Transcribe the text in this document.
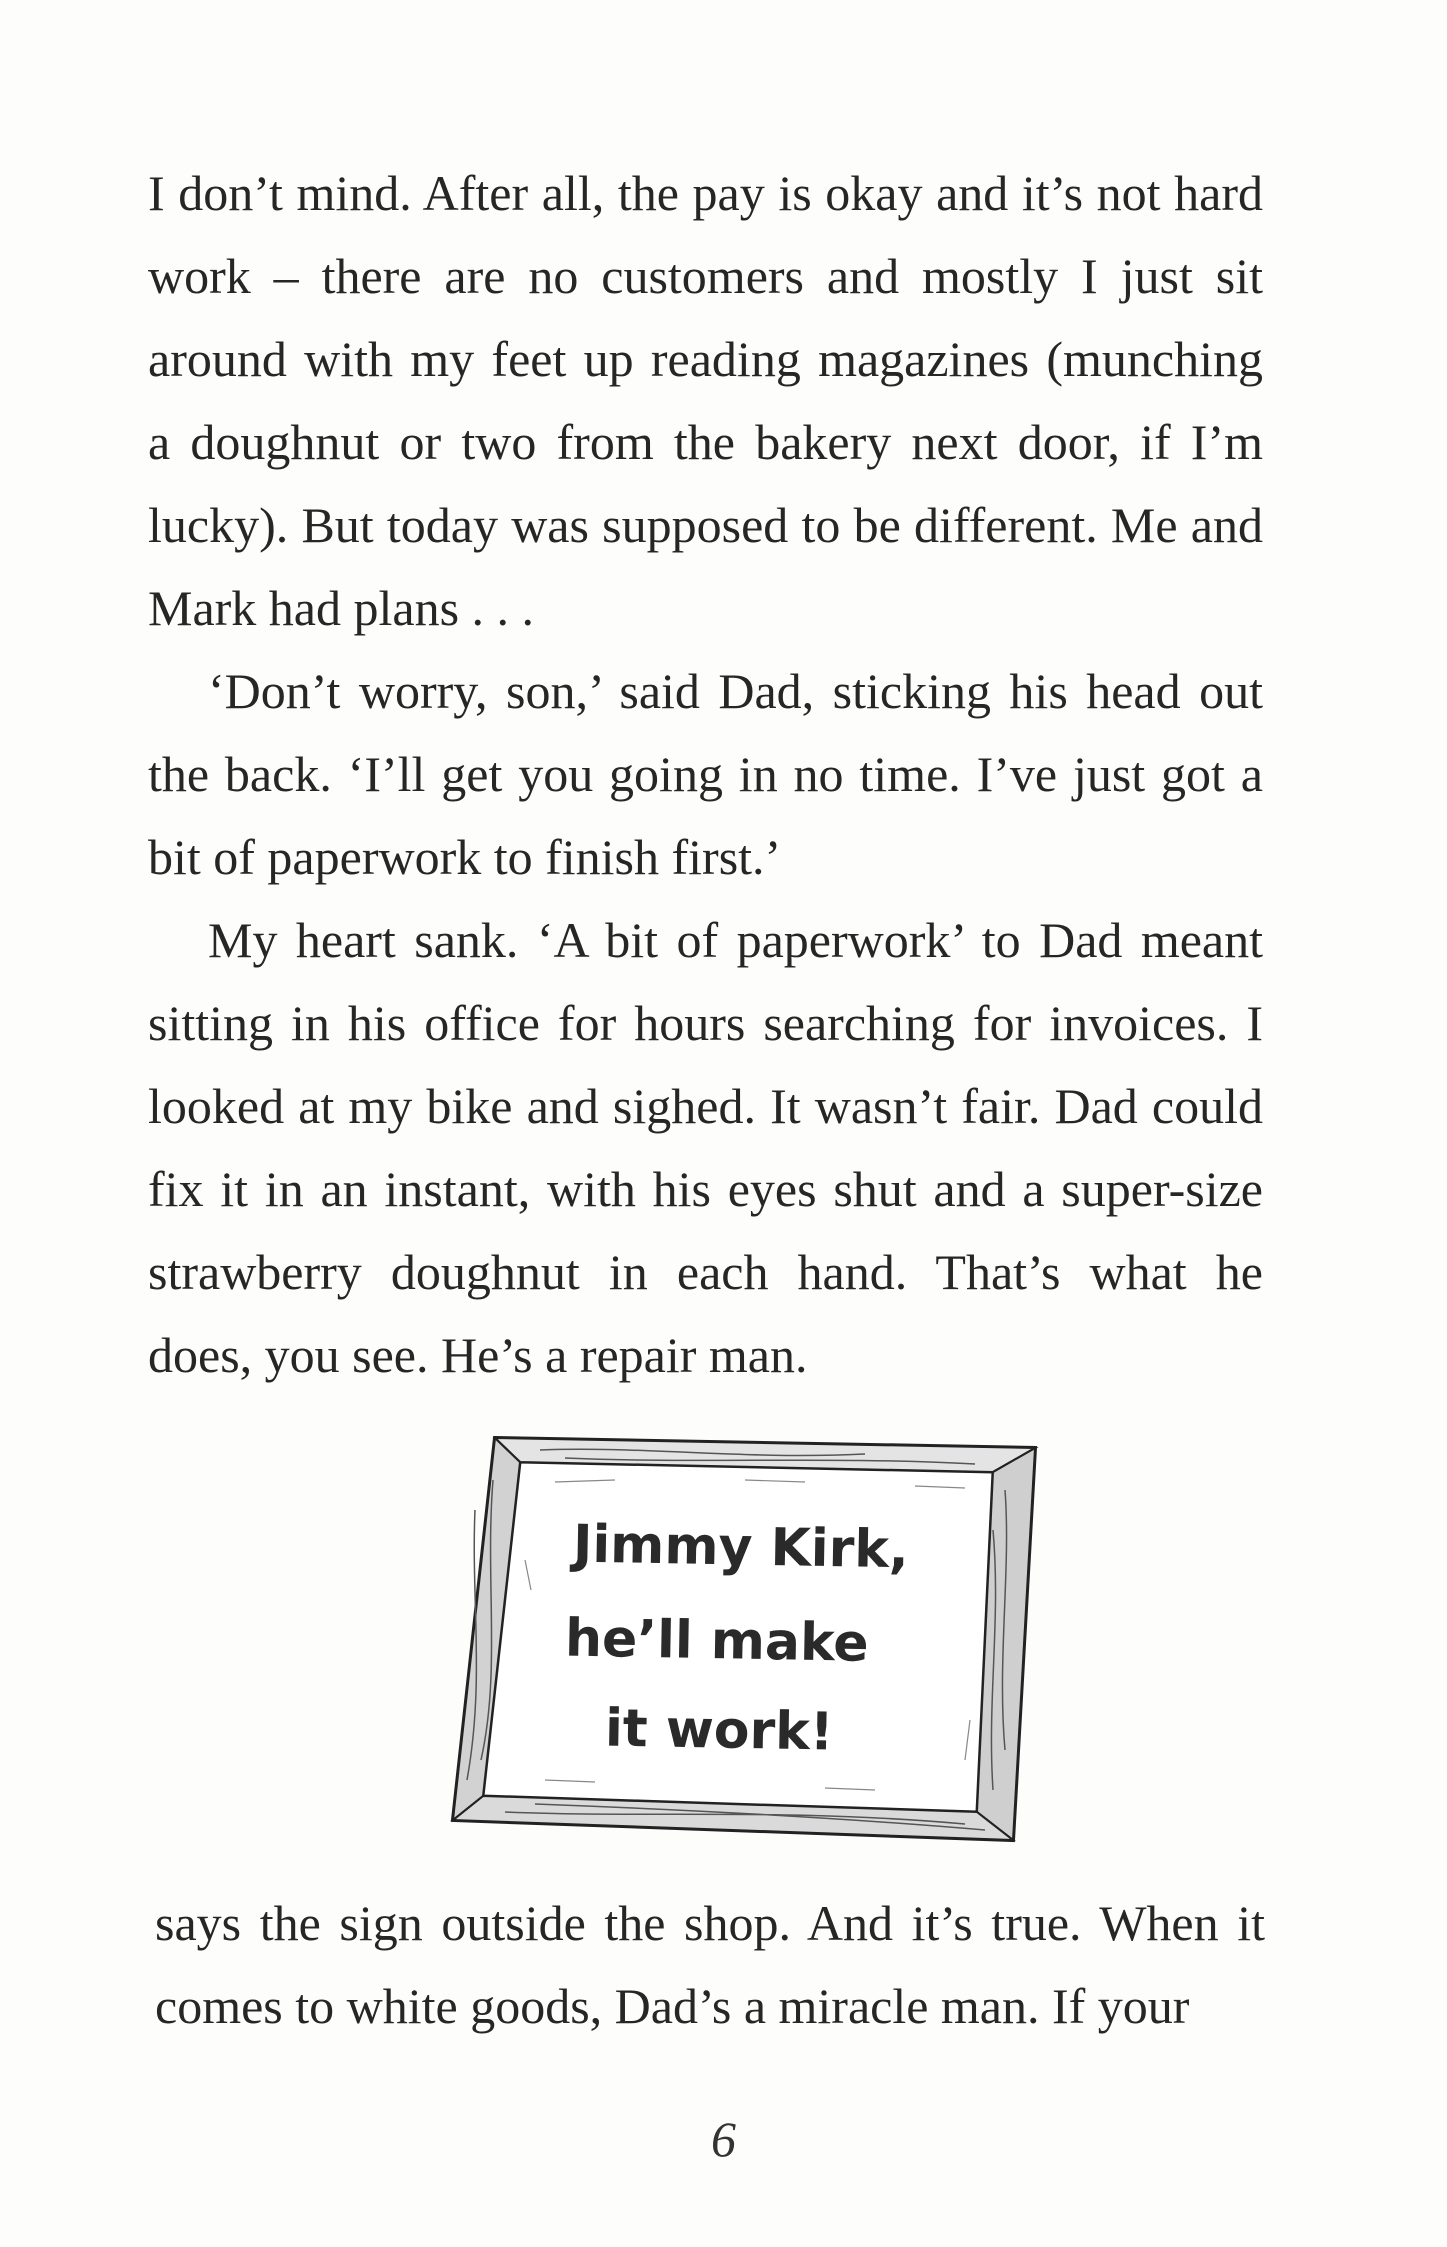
I don’t mind. After all, the pay is okay and it’s not hard work – there are no customers and mostly I just sit around with my feet up reading magazines (munching a doughnut or two from the bakery next door, if I’m lucky). But today was supposed to be different. Me and Mark had plans . . .

‘Don’t worry, son,’ said Dad, sticking his head out the back. ‘I’ll get you going in no time. I’ve just got a bit of paperwork to finish first.’

My heart sank. ‘A bit of paperwork’ to Dad meant sitting in his office for hours searching for invoices. I looked at my bike and sighed. It wasn’t fair. Dad could fix it in an instant, with his eyes shut and a super-size strawberry doughnut in each hand. That’s what he does, you see. He’s a repair man.

Jimmy Kirk,
he’ll make
it work!

says the sign outside the shop. And it’s true. When it comes to white goods, Dad’s a miracle man. If your

6
